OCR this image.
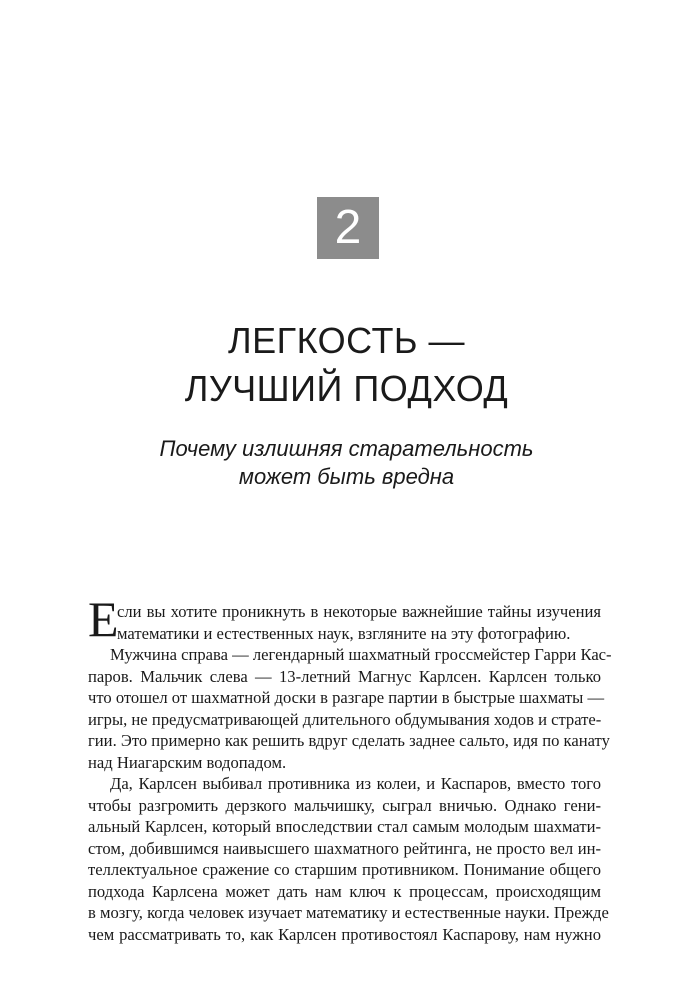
2
ЛЕГКОСТЬ —
ЛУЧШИЙ ПОДХОД
Почему излишняя старательность
может быть вредна
Е
сли вы хотите проникнуть в некоторые важнейшие тайны изучения
математики и естественных наук, взгляните на эту фотографию.
Мужчина справа — легендарный шахматный гроссмейстер Гарри Кас-
паров. Мальчик слева — 13-летний Магнус Карлсен. Карлсен только
что отошел от шахматной доски в разгаре партии в быстрые шахматы —
игры, не предусматривающей длительного обдумывания ходов и страте-
гии. Это примерно как решить вдруг сделать заднее сальто, идя по канату
над Ниагарским водопадом.
Да, Карлсен выбивал противника из колеи, и Каспаров, вместо того
чтобы разгромить дерзкого мальчишку, сыграл вничью. Однако гени-
альный Карлсен, который впоследствии стал самым молодым шахмати-
стом, добившимся наивысшего шахматного рейтинга, не просто вел ин-
теллектуальное сражение со старшим противником. Понимание общего
подхода Карлсена может дать нам ключ к процессам, происходящим
в мозгу, когда человек изучает математику и естественные науки. Прежде
чем рассматривать то, как Карлсен противостоял Каспарову, нам нужно
